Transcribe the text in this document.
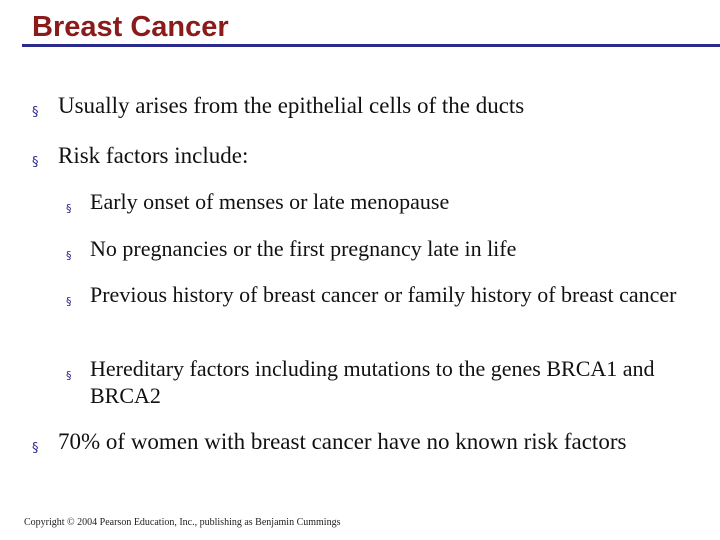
Breast Cancer
§ Usually arises from the epithelial cells of the ducts
§ Risk factors include:
§ Early onset of menses or late menopause
§ No pregnancies or the first pregnancy late in life
§ Previous history of breast cancer or family history of breast cancer
§ Hereditary factors including mutations to the genes BRCA1 and BRCA2
§ 70% of women with breast cancer have no known risk factors
Copyright © 2004 Pearson Education, Inc., publishing as Benjamin Cummings
